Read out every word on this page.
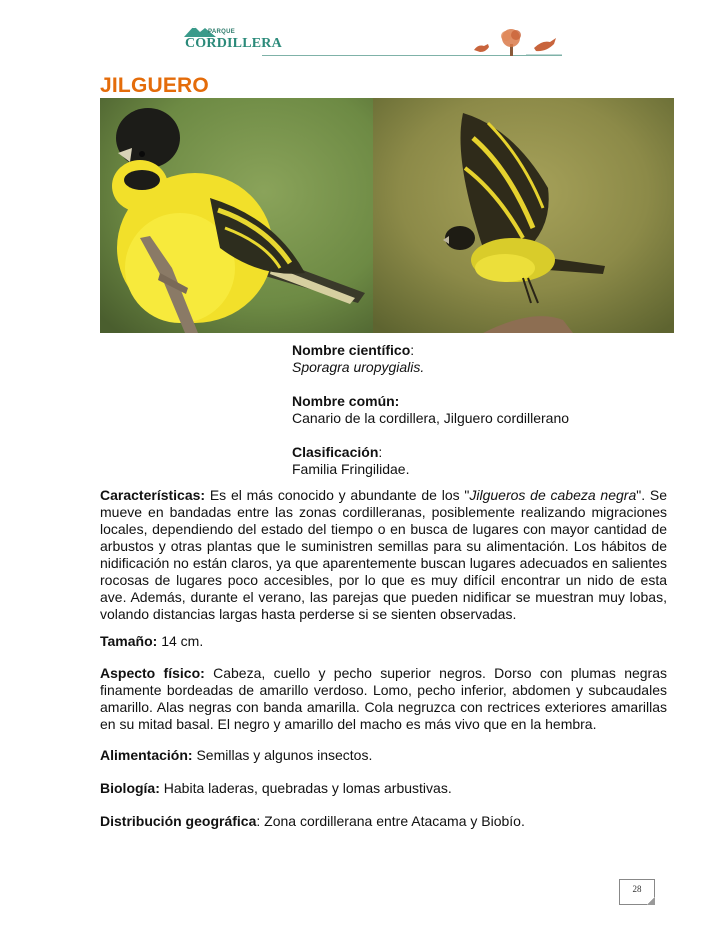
PARQUE
CORDILLERA
JILGUERO

Nombre científico:

Sporagra uropygialis.

Nombre común:

Canario de la cordillera, Jilguero cordillerano

Clasificación:

Familia Fringilidae.

Características: Es el más conocido y abundante de los "Jilgueros de cabeza negra". Se mueve en bandadas entre las zonas cordilleranas, posiblemente realizando migraciones locales, dependiendo del estado del tiempo o en busca de lugares con mayor cantidad de arbustos y otras plantas que le suministren semillas para su alimentación. Los hábitos de nidificación no están claros, ya que aparentemente buscan lugares adecuados en salientes rocosas de lugares poco accesibles, por lo que es muy difícil encontrar un nido de esta ave. Además, durante el verano, las parejas que pueden nidificar se muestran muy lobas, volando distancias largas hasta perderse si se sienten observadas.

Tamaño: 14 cm.

Aspecto físico: Cabeza, cuello y pecho superior negros. Dorso con plumas negras finamente bordeadas de amarillo verdoso. Lomo, pecho inferior, abdomen y subcaudales amarillo. Alas negras con banda amarilla. Cola negruzca con rectrices exteriores amarillas en su mitad basal. El negro y amarillo del macho es más vivo que en la hembra.

Alimentación: Semillas y algunos insectos.

Biología: Habita laderas, quebradas y lomas arbustivas.

Distribución geográfica: Zona cordillerana entre Atacama y Biobío.

28
